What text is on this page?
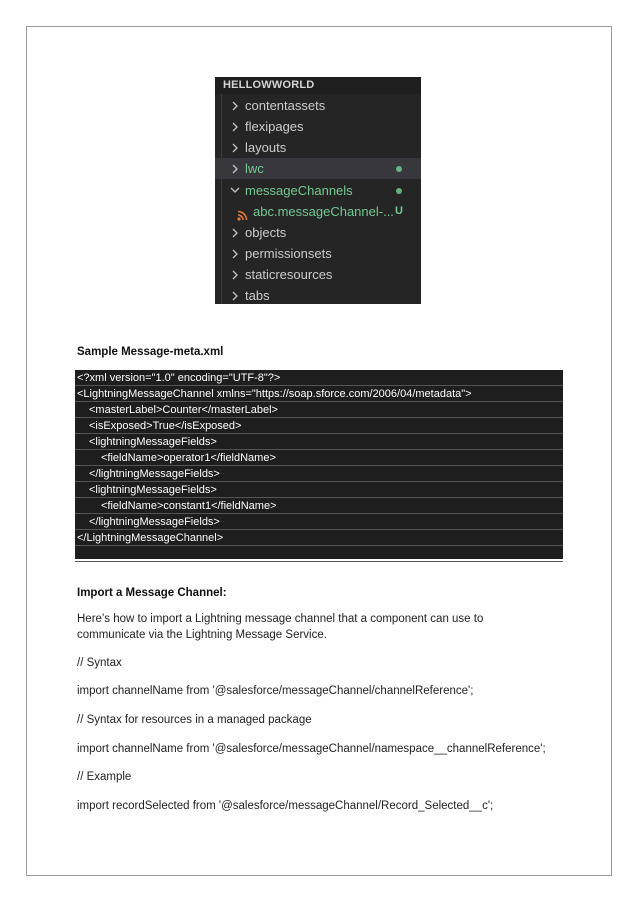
HELLOWWORLD
contentassets
flexipages
layouts
lwc
messageChannels
abc.messageChannel-... U
objects
permissionsets
staticresources
tabs
Sample Message-meta.xml
<?xml version="1.0" encoding="UTF-8"?>
<LightningMessageChannel xmlns="https://soap.sforce.com/2006/04/metadata">
<masterLabel>Counter</masterLabel>
<isExposed>True</isExposed>
<lightningMessageFields>
<fieldName>operator1</fieldName>
</lightningMessageFields>
<lightningMessageFields>
<fieldName>constant1</fieldName>
</lightningMessageFields>
</LightningMessageChannel>
Import a Message Channel:
Here’s how to import a Lightning message channel that a component can use to communicate via the Lightning Message Service.
// Syntax
import channelName from '@salesforce/messageChannel/channelReference';
// Syntax for resources in a managed package
import channelName from '@salesforce/messageChannel/namespace__channelReference';
// Example
import recordSelected from '@salesforce/messageChannel/Record_Selected__c';
